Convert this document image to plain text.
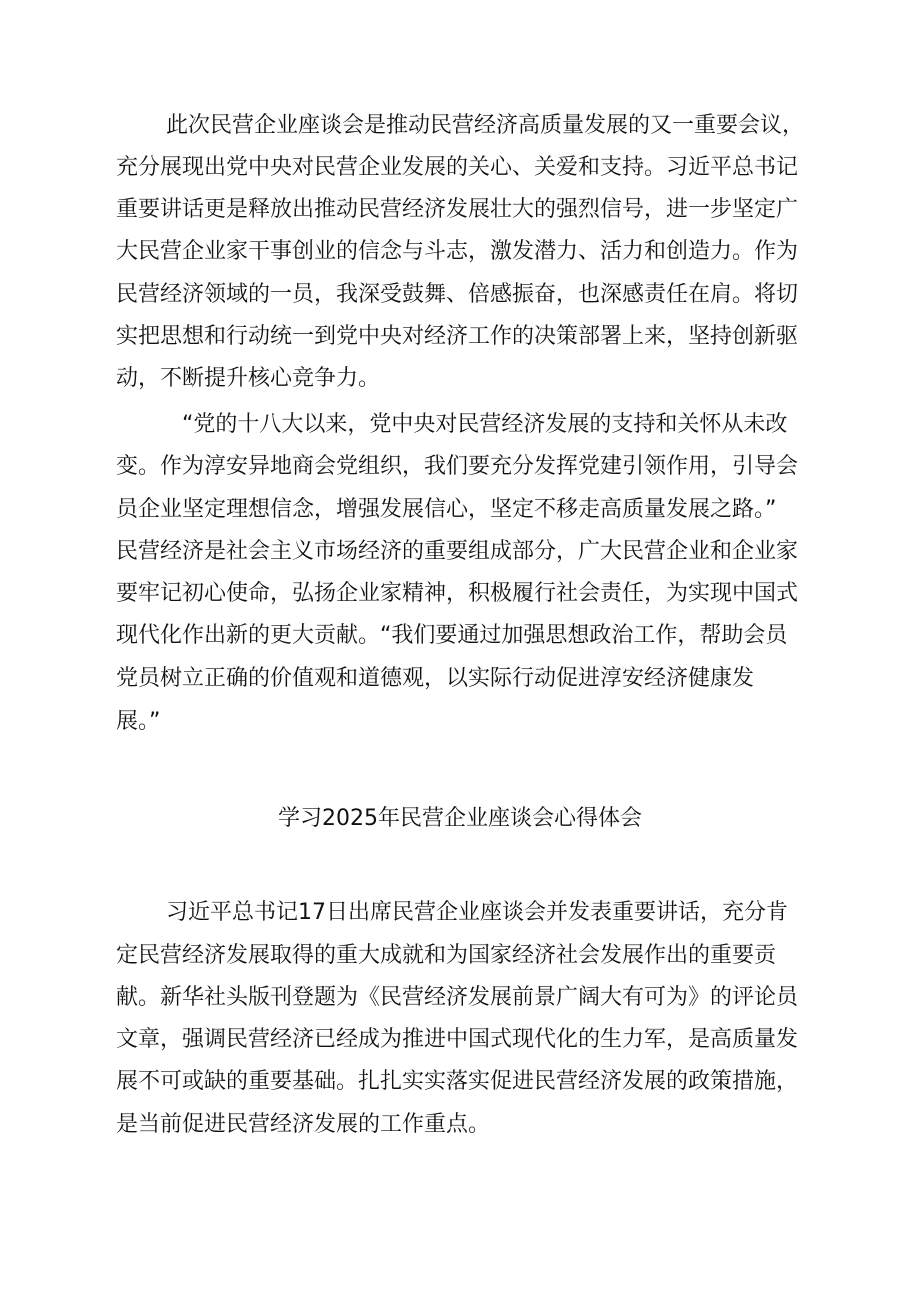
此次民营企业座谈会是推动民营经济高质量发展的又一重要会议，
充分展现出党中央对民营企业发展的关心、关爱和支持。习近平总书记
重要讲话更是释放出推动民营经济发展壮大的强烈信号，进一步坚定广
大民营企业家干事创业的信念与斗志，激发潜力、活力和创造力。作为
民营经济领域的一员，我深受鼓舞、倍感振奋，也深感责任在肩。将切
实把思想和行动统一到党中央对经济工作的决策部署上来，坚持创新驱
动，不断提升核心竞争力。
“党的十八大以来，党中央对民营经济发展的支持和关怀从未改
变。作为淳安异地商会党组织，我们要充分发挥党建引领作用，引导会
员企业坚定理想信念，增强发展信心，坚定不移走高质量发展之路。”
民营经济是社会主义市场经济的重要组成部分，广大民营企业和企业家
要牢记初心使命，弘扬企业家精神，积极履行社会责任，为实现中国式
现代化作出新的更大贡献。“我们要通过加强思想政治工作，帮助会员
党员树立正确的价值观和道德观，以实际行动促进淳安经济健康发
展。”
学习2025年民营企业座谈会心得体会
习近平总书记17日出席民营企业座谈会并发表重要讲话，充分肯
定民营经济发展取得的重大成就和为国家经济社会发展作出的重要贡
献。新华社头版刊登题为《民营经济发展前景广阔大有可为》的评论员
文章，强调民营经济已经成为推进中国式现代化的生力军，是高质量发
展不可或缺的重要基础。扎扎实实落实促进民营经济发展的政策措施，
是当前促进民营经济发展的工作重点。
